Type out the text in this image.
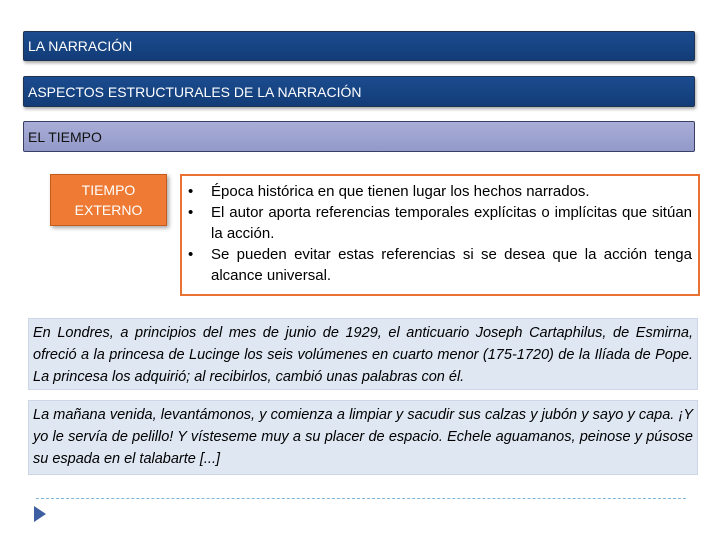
LA NARRACIÓN
ASPECTOS ESTRUCTURALES DE LA NARRACIÓN
EL TIEMPO
TIEMPO
EXTERNO
• Época histórica en que tienen lugar los hechos narrados.
• El autor aporta referencias temporales explícitas o implícitas que sitúan la acción.
• Se pueden evitar estas referencias si se desea que la acción tenga alcance universal.
En Londres, a principios del mes de junio de 1929, el anticuario Joseph Cartaphilus, de Esmirna, ofreció a la princesa de Lucinge los seis volúmenes en cuarto menor (175-1720) de la Ilíada de Pope. La princesa los adquirió; al recibirlos, cambió unas palabras con él.
La mañana venida, levantámonos, y comienza a limpiar y sacudir sus calzas y jubón y sayo y capa. ¡Y yo le servía de pelillo! Y vísteseme muy a su placer de espacio. Echele aguamanos, peinose y púsose su espada en el talabarte [...]
